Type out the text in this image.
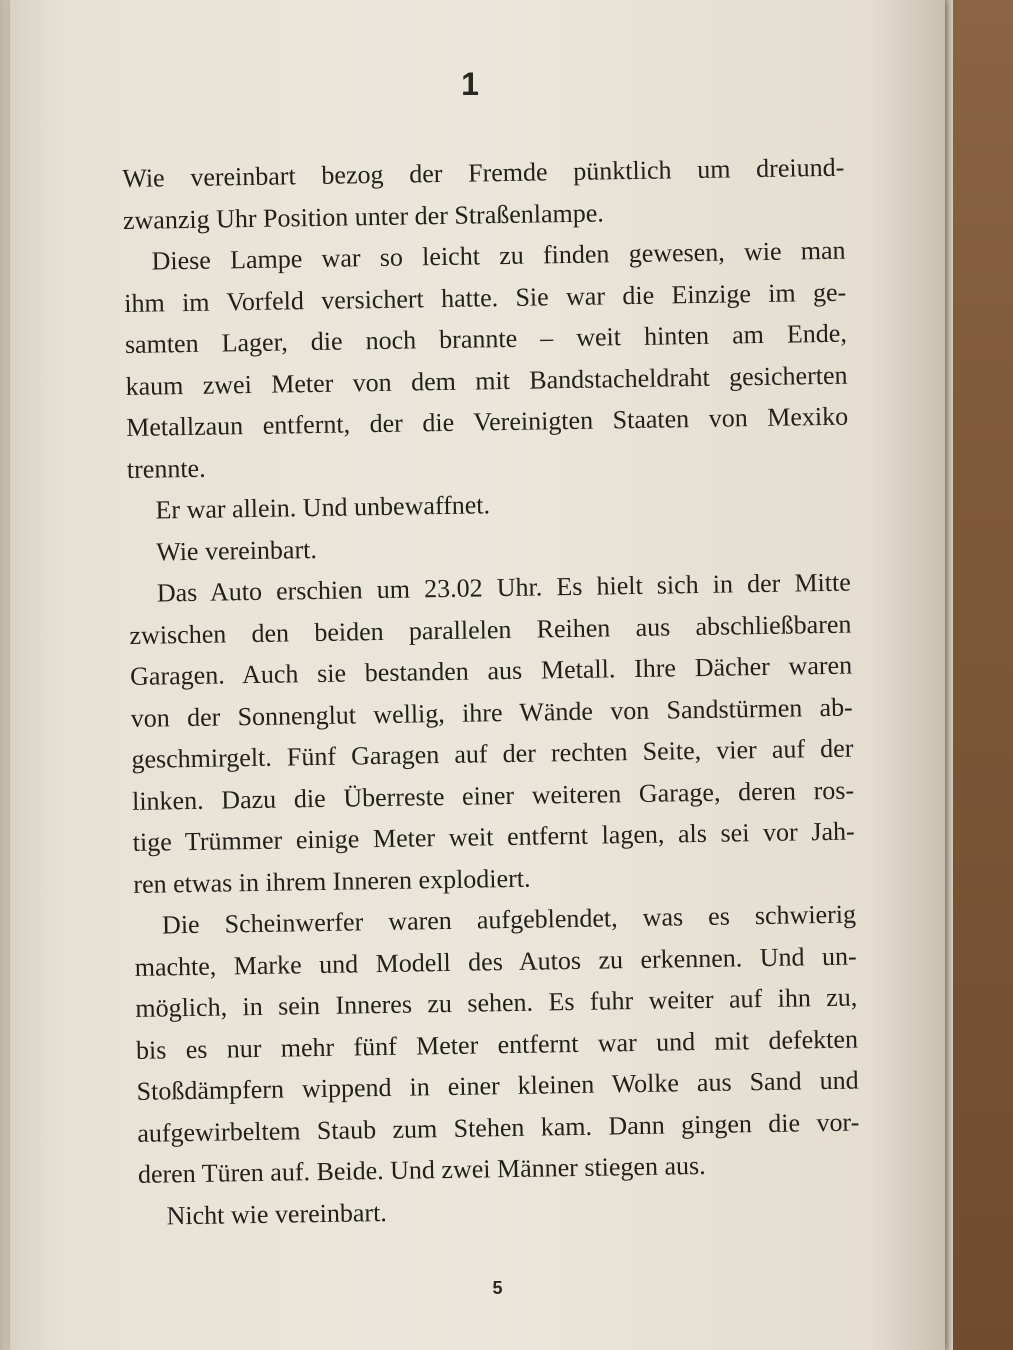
1
Wie vereinbart bezog der Fremde pünktlich um dreiund-
zwanzig Uhr Position unter der Straßenlampe.
Diese Lampe war so leicht zu finden gewesen, wie man
ihm im Vorfeld versichert hatte. Sie war die Einzige im ge-
samten Lager, die noch brannte – weit hinten am Ende,
kaum zwei Meter von dem mit Bandstacheldraht gesicherten
Metallzaun entfernt, der die Vereinigten Staaten von Mexiko
trennte.
Er war allein. Und unbewaffnet.
Wie vereinbart.
Das Auto erschien um 23.02 Uhr. Es hielt sich in der Mitte
zwischen den beiden parallelen Reihen aus abschließbaren
Garagen. Auch sie bestanden aus Metall. Ihre Dächer waren
von der Sonnenglut wellig, ihre Wände von Sandstürmen ab-
geschmirgelt. Fünf Garagen auf der rechten Seite, vier auf der
linken. Dazu die Überreste einer weiteren Garage, deren ros-
tige Trümmer einige Meter weit entfernt lagen, als sei vor Jah-
ren etwas in ihrem Inneren explodiert.
Die Scheinwerfer waren aufgeblendet, was es schwierig
machte, Marke und Modell des Autos zu erkennen. Und un-
möglich, in sein Inneres zu sehen. Es fuhr weiter auf ihn zu,
bis es nur mehr fünf Meter entfernt war und mit defekten
Stoßdämpfern wippend in einer kleinen Wolke aus Sand und
aufgewirbeltem Staub zum Stehen kam. Dann gingen die vor-
deren Türen auf. Beide. Und zwei Männer stiegen aus.
Nicht wie vereinbart.
5
